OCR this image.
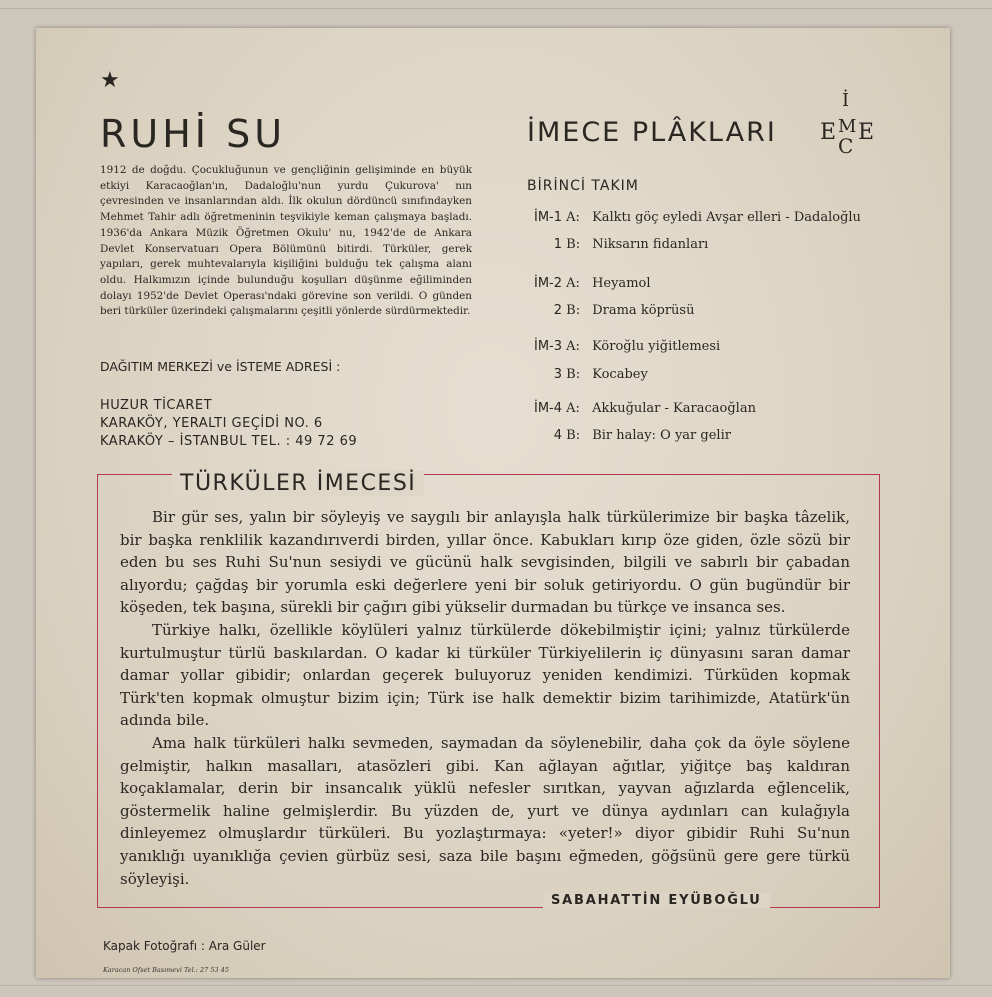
★
RUHİ SU
1912 de doğdu. Çocukluğunun ve gençliğinin gelişiminde en büyük etkiyi Karacaoğlan'ın, Dadaloğlu'nun yurdu Çukurova' nın çevresinden ve insanlarından aldı. İlk okulun dördüncü sınıfındayken Mehmet Tahir adlı öğretmeninin teşvikiyle keman çalışmaya başladı. 1936'da Ankara Müzik Öğretmen Okulu' nu, 1942'de de Ankara Devlet Konservatuarı Opera Bölümünü bitirdi. Türküler, gerek yapıları, gerek muhtevalarıyla kişiliğini bulduğu tek çalışma alanı oldu. Halkımızın içinde bulunduğu koşulları düşünme eğiliminden dolayı 1952'de Devlet Operası'ndaki görevine son verildi. O günden beri türküler üzerindeki çalışmalarını çeşitli yönlerde sürdürmektedir.
DAĞITIM MERKEZİ ve İSTEME ADRESİ :
HUZUR TİCARET
KARAKÖY, YERALTI GEÇİDİ NO. 6
KARAKÖY – İSTANBUL TEL. : 49 72 69
İMECE PLÂKLARI
İ
E M E
C
BİRİNCİ TAKIM
İM-1 A: Kalktı göç eyledi Avşar elleri - Dadaloğlu
1 B: Niksarın fidanları
İM-2 A: Heyamol
2 B: Drama köprüsü
İM-3 A: Köroğlu yiğitlemesi
3 B: Kocabey
İM-4 A: Akkuğular - Karacaoğlan
4 B: Bir halay: O yar gelir
TÜRKÜLER İMECESİ

Bir gür ses, yalın bir söyleyiş ve saygılı bir anlayışla halk türkülerimize bir başka tâzelik, bir başka renklilik kazandırıverdi birden, yıllar önce. Kabukları kırıp öze giden, özle sözü bir eden bu ses Ruhi Su'nun sesiydi ve gücünü halk sevgisinden, bilgili ve sabırlı bir çabadan alıyordu; çağdaş bir yorumla eski değerlere yeni bir soluk getiriyordu. O gün bugündür bir köşeden, tek başına, sürekli bir çağırı gibi yükselir durmadan bu türkçe ve insanca ses.

Türkiye halkı, özellikle köylüleri yalnız türkülerde dökebilmiştir içini; yalnız türkülerde kurtulmuştur türlü baskılardan. O kadar ki türküler Türkiyelilerin iç dünyasını saran damar damar yollar gibidir; onlardan geçerek buluyoruz yeniden kendimizi. Türküden kopmak Türk'ten kopmak olmuştur bizim için; Türk ise halk demektir bizim tarihimizde, Atatürk'ün adında bile.

Ama halk türküleri halkı sevmeden, saymadan da söylenebilir, daha çok da öyle söylene gelmiştir, halkın masalları, atasözleri gibi. Kan ağlayan ağıtlar, yiğitçe baş kaldıran koçaklamalar, derin bir insancalık yüklü nefesler sırıtkan, yayvan ağızlarda eğlencelik, göstermelik haline gelmişlerdir. Bu yüzden de, yurt ve dünya aydınları can kulağıyla dinleyemez olmuşlardır türküleri. Bu yozlaştırmaya: «yeter!» diyor gibidir Ruhi Su'nun yanıklığı uyanıklığa çevien gürbüz sesi, saza bile başını eğmeden, göğsünü gere gere türkü söyleyişi.

SABAHATTİN EYÜBOĞLU
Kapak Fotoğrafı : Ara Güler
Karacan Ofset Basımevi Tel.: 27 53 45
